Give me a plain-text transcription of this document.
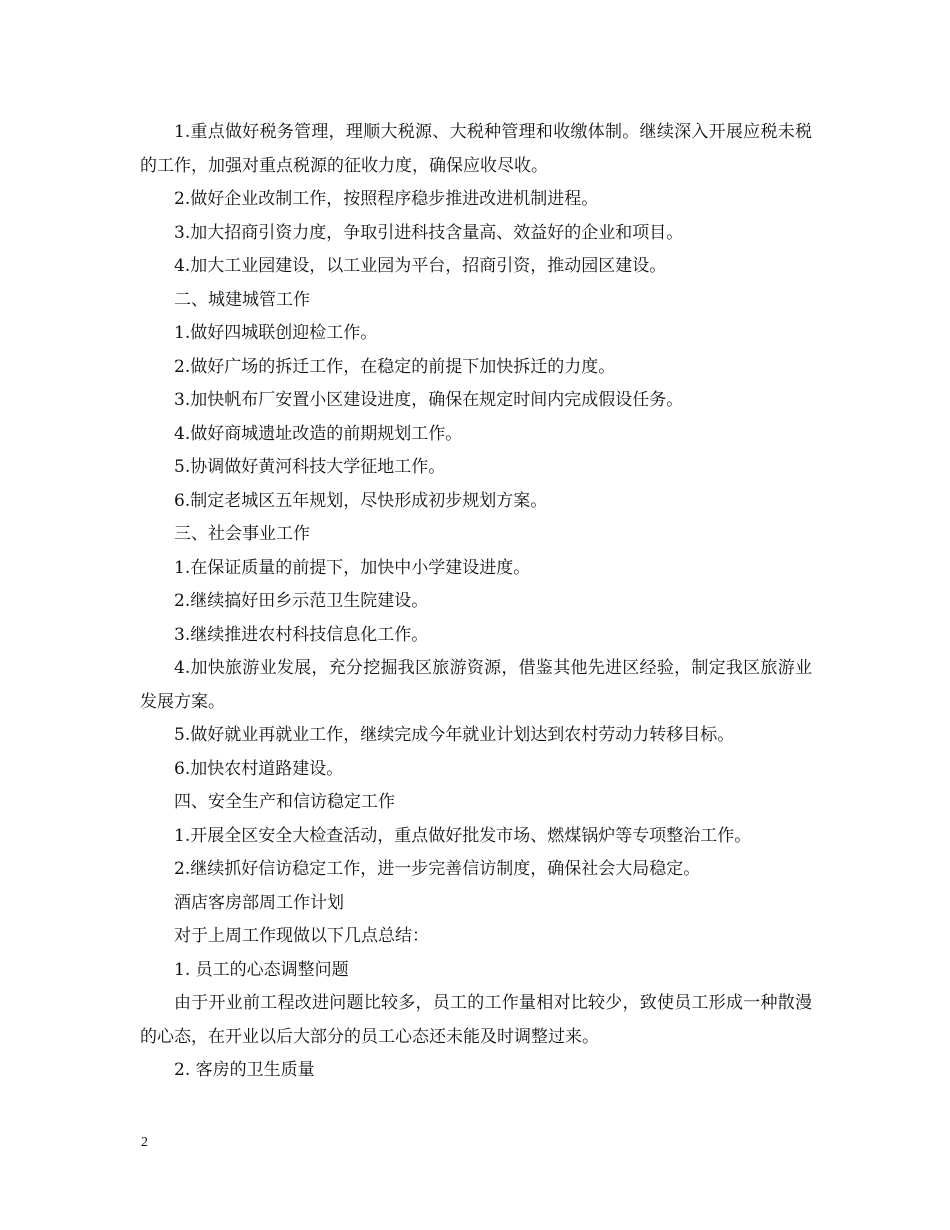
1.重点做好税务管理，理顺大税源、大税种管理和收缴体制。继续深入开展应税未税的工作，加强对重点税源的征收力度，确保应收尽收。

2.做好企业改制工作，按照程序稳步推进改进机制进程。

3.加大招商引资力度，争取引进科技含量高、效益好的企业和项目。

4.加大工业园建设，以工业园为平台，招商引资，推动园区建设。

二、城建城管工作

1.做好四城联创迎检工作。

2.做好广场的拆迁工作，在稳定的前提下加快拆迁的力度。

3.加快帆布厂安置小区建设进度，确保在规定时间内完成假设任务。

4.做好商城遗址改造的前期规划工作。

5.协调做好黄河科技大学征地工作。

6.制定老城区五年规划，尽快形成初步规划方案。

三、社会事业工作

1.在保证质量的前提下，加快中小学建设进度。

2.继续搞好田乡示范卫生院建设。

3.继续推进农村科技信息化工作。

4.加快旅游业发展，充分挖掘我区旅游资源，借鉴其他先进区经验，制定我区旅游业发展方案。

5.做好就业再就业工作，继续完成今年就业计划达到农村劳动力转移目标。

6.加快农村道路建设。

四、安全生产和信访稳定工作

1.开展全区安全大检查活动，重点做好批发市场、燃煤锅炉等专项整治工作。

2.继续抓好信访稳定工作，进一步完善信访制度，确保社会大局稳定。

酒店客房部周工作计划

对于上周工作现做以下几点总结：

1. 员工的心态调整问题

由于开业前工程改进问题比较多，员工的工作量相对比较少，致使员工形成一种散漫的心态，在开业以后大部分的员工心态还未能及时调整过来。

2. 客房的卫生质量

2
